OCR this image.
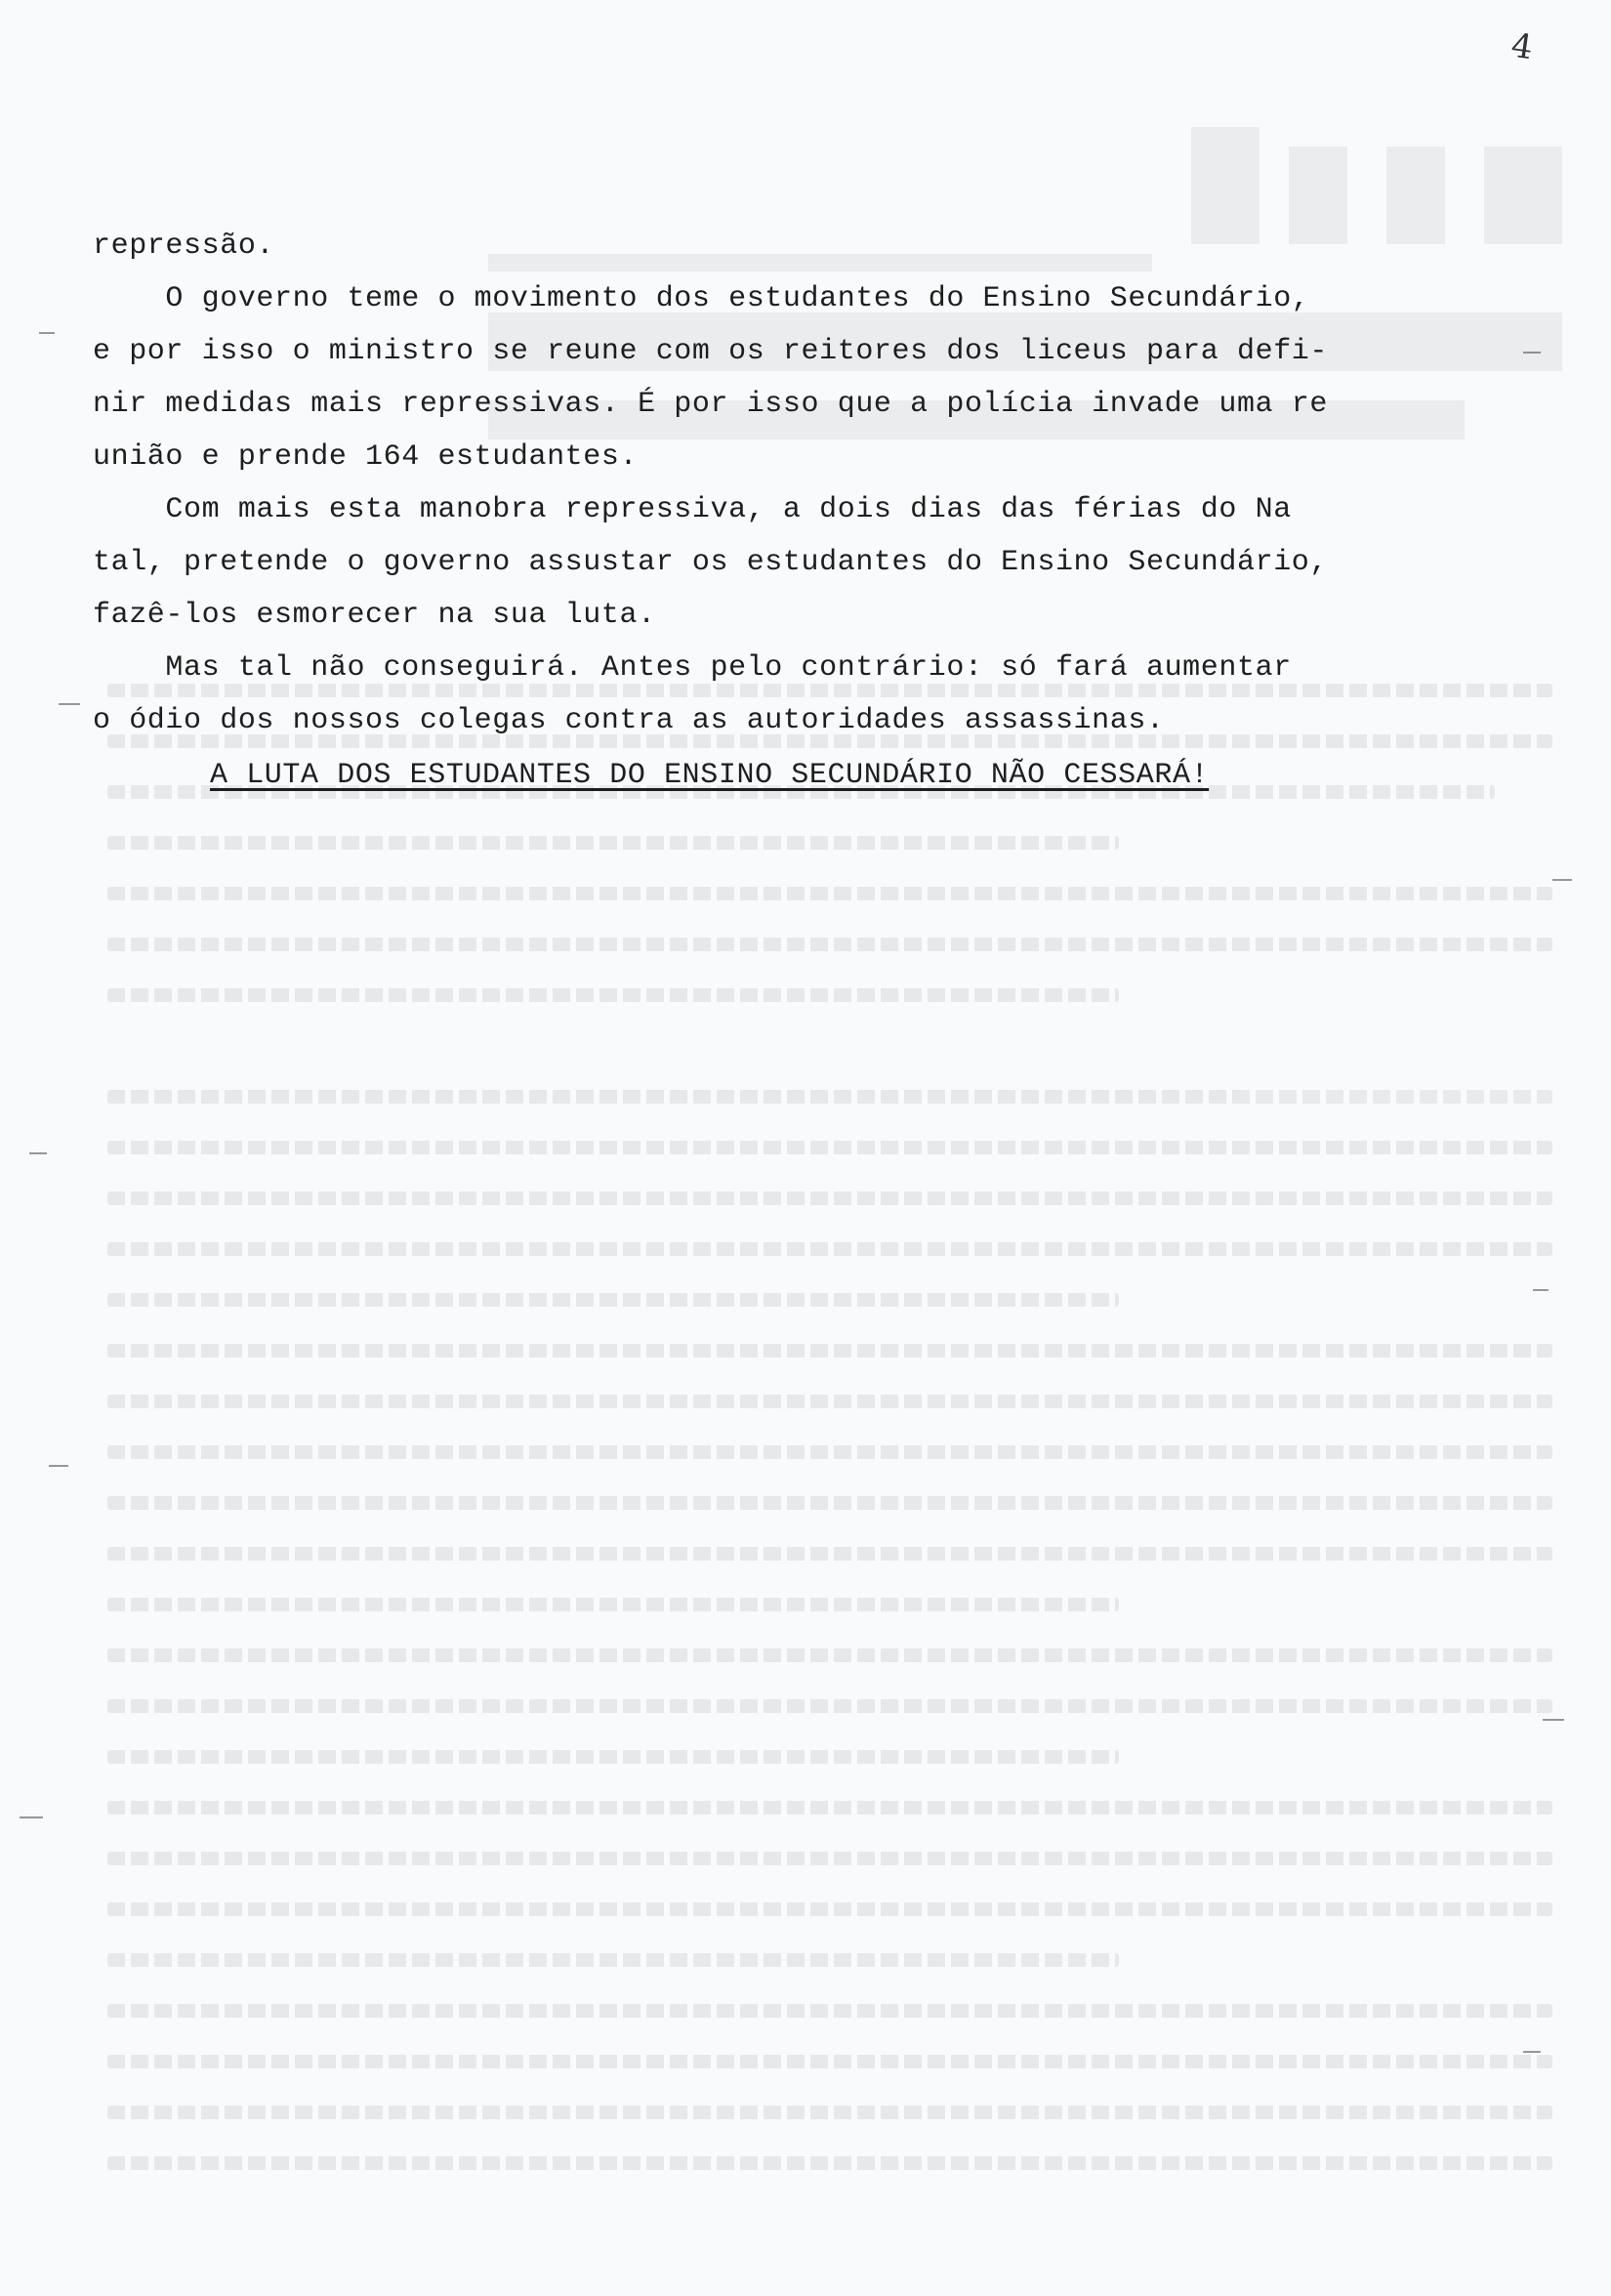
4
repressão.
O governo teme o movimento dos estudantes do Ensino Secundário,
e por isso o ministro se reune com os reitores dos liceus para defi-
nir medidas mais repressivas. É por isso que a polícia invade uma re
união e prende 164 estudantes.
Com mais esta manobra repressiva, a dois dias das férias do Na
tal, pretende o governo assustar os estudantes do Ensino Secundário,
fazê-los esmorecer na sua luta.
Mas tal não conseguirá. Antes pelo contrário: só fará aumentar
o ódio dos nossos colegas contra as autoridades assassinas.
A LUTA DOS ESTUDANTES DO ENSINO SECUNDÁRIO NÃO CESSARÁ!
